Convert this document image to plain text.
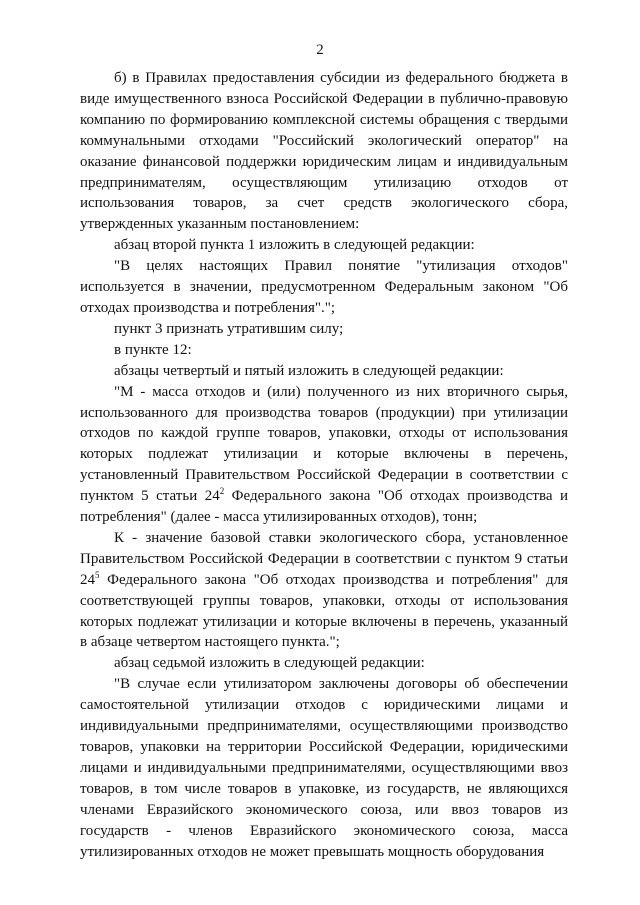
2

б) в Правилах предоставления субсидии из федерального бюджета в виде имущественного взноса Российской Федерации в публично-правовую компанию по формированию комплексной системы обращения с твердыми коммунальными отходами "Российский экологический оператор" на оказание финансовой поддержки юридическим лицам и индивидуальным предпринимателям, осуществляющим утилизацию отходов от использования товаров, за счет средств экологического сбора, утвержденных указанным постановлением:

абзац второй пункта 1 изложить в следующей редакции:

"В целях настоящих Правил понятие "утилизация отходов" используется в значении, предусмотренном Федеральным законом "Об отходах производства и потребления".";

пункт 3 признать утратившим силу;

в пункте 12:

абзацы четвертый и пятый изложить в следующей редакции:

"М - масса отходов и (или) полученного из них вторичного сырья, использованного для производства товаров (продукции) при утилизации отходов по каждой группе товаров, упаковки, отходы от использования которых подлежат утилизации и которые включены в перечень, установленный Правительством Российской Федерации в соответствии с пунктом 5 статьи $24^2$ Федерального закона "Об отходах производства и потребления" (далее - масса утилизированных отходов), тонн;

К - значение базовой ставки экологического сбора, установленное Правительством Российской Федерации в соответствии с пунктом 9 статьи $24^5$ Федерального закона "Об отходах производства и потребления" для соответствующей группы товаров, упаковки, отходы от использования которых подлежат утилизации и которые включены в перечень, указанный в абзаце четвертом настоящего пункта.";

абзац седьмой изложить в следующей редакции:

"В случае если утилизатором заключены договоры об обеспечении самостоятельной утилизации отходов с юридическими лицами и индивидуальными предпринимателями, осуществляющими производство товаров, упаковки на территории Российской Федерации, юридическими лицами и индивидуальными предпринимателями, осуществляющими ввоз товаров, в том числе товаров в упаковке, из государств, не являющихся членами Евразийского экономического союза, или ввоз товаров из государств - членов Евразийского экономического союза, масса утилизированных отходов не может превышать мощность оборудования
